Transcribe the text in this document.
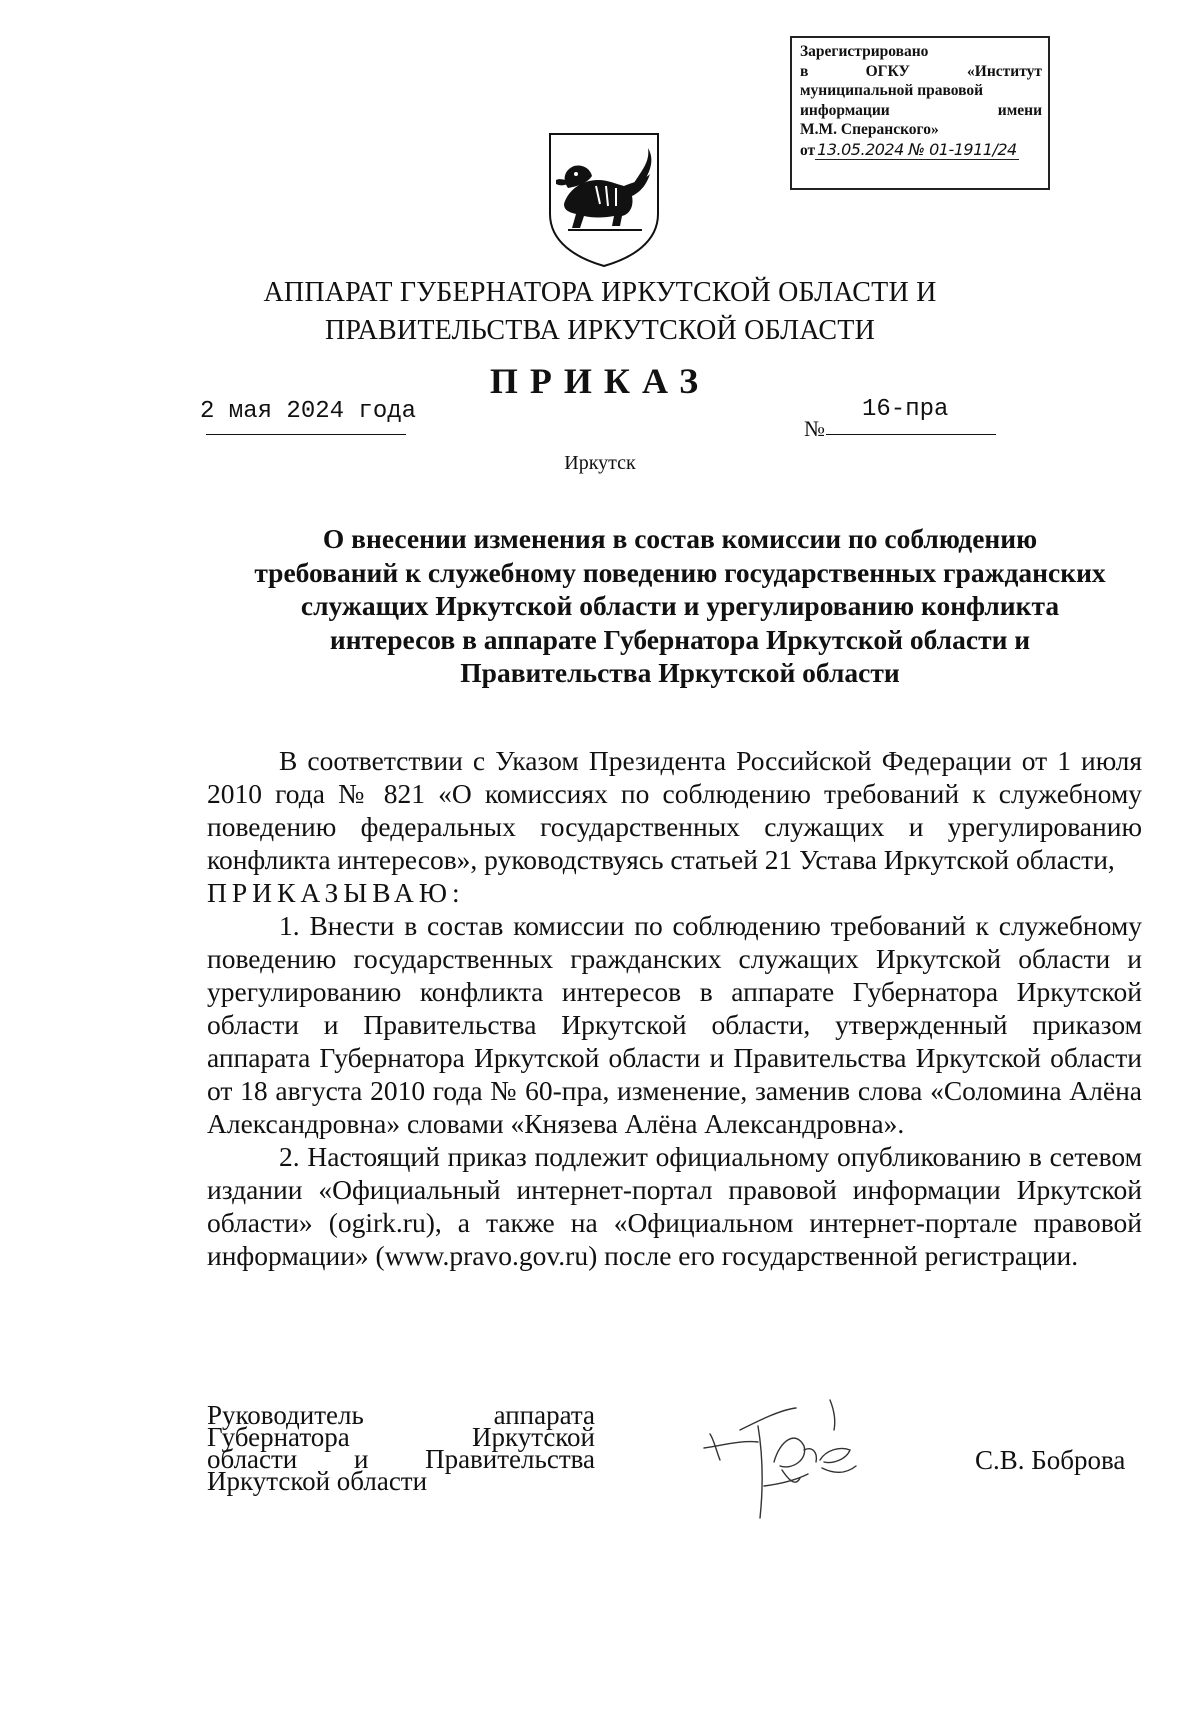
Зарегистрировано
в	ОГКУ	«Институт
муниципальной правовой
информации	имени
М.М. Сперанского»
от 13.05.2024 № 01-1911/24
АППАРАТ ГУБЕРНАТОРА ИРКУТСКОЙ ОБЛАСТИ И
ПРАВИТЕЛЬСТВА ИРКУТСКОЙ ОБЛАСТИ
ПРИКАЗ
2 мая 2024 года
№
16-пра
Иркутск
О внесении изменения в состав комиссии по соблюдению
требований к служебному поведению государственных гражданских
служащих Иркутской области и урегулированию конфликта
интересов в аппарате Губернатора Иркутской области и
Правительства Иркутской области

В соответствии с Указом Президента Российской Федерации от 1 июля 2010 года № 821 «О комиссиях по соблюдению требований к служебному поведению федеральных государственных служащих и урегулированию конфликта интересов», руководствуясь статьей 21 Устава Иркутской области,

ПРИКАЗЫВАЮ:

1. Внести в состав комиссии по соблюдению требований к служебному поведению государственных гражданских служащих Иркутской области и урегулированию конфликта интересов в аппарате Губернатора Иркутской области и Правительства Иркутской области, утвержденный приказом аппарата Губернатора Иркутской области и Правительства Иркутской области от 18 августа 2010 года № 60-пра, изменение, заменив слова «Соломина Алёна Александровна» словами «Князева Алёна Александровна».

2. Настоящий приказ подлежит официальному опубликованию в сетевом издании «Официальный интернет-портал правовой информации Иркутской области» (ogirk.ru), а также на «Официальном интернет-портале правовой информации» (www.pravo.gov.ru) после его государственной регистрации.

Руководитель аппарата

Губернатора Иркутской

области и Правительства

Иркутской области

С.В. Боброва
